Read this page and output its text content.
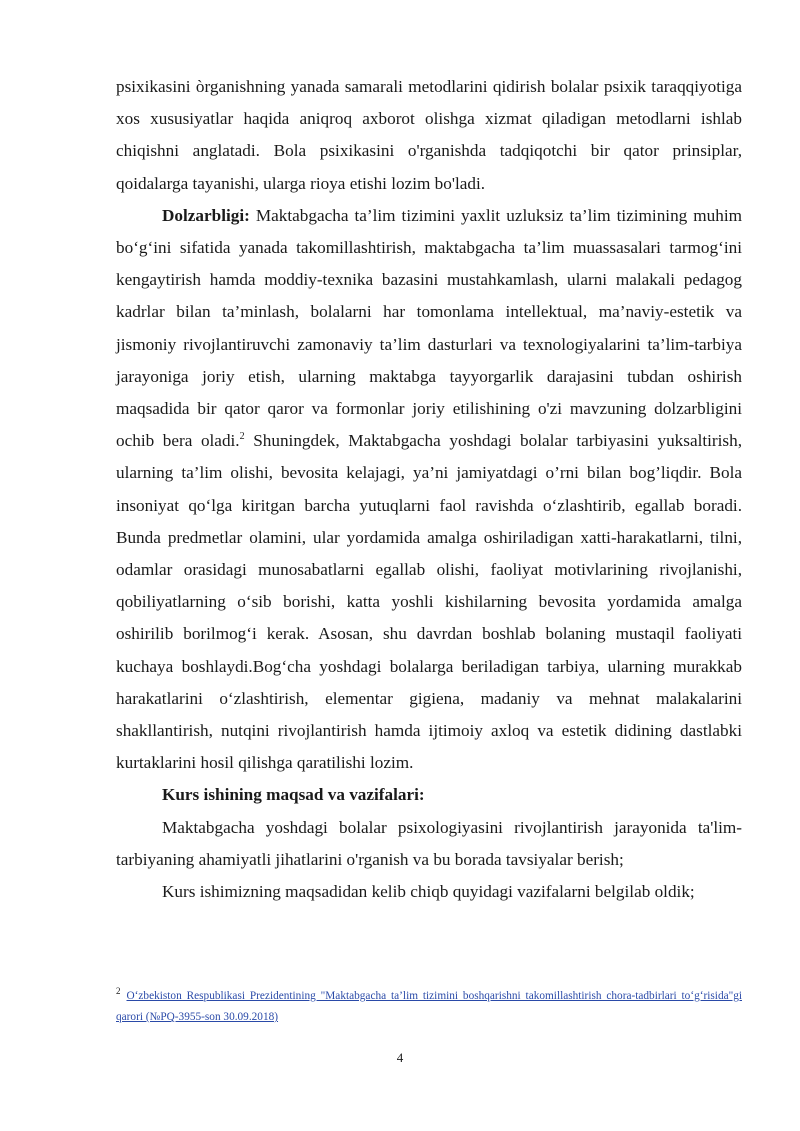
psixikasini òrganishning yanada samarali metodlarini qidirish bolalar psixik taraqqiyotiga xos xususiyatlar haqida aniqroq axborot olishga xizmat qiladigan metodlarni ishlab chiqishni anglatadi. Bola psixikasini o'rganishda tadqiqotchi bir qator prinsiplar, qoidalarga tayanishi, ularga rioya etishi lozim bo'ladi.

Dolzarbligi: Maktabgacha ta’lim tizimini yaxlit uzluksiz ta’lim tizimining muhim bo‘g‘ini sifatida yanada takomillashtirish, maktabgacha ta’lim muassasalari tarmog‘ini kengaytirish hamda moddiy-texnika bazasini mustahkamlash, ularni malakali pedagog kadrlar bilan ta’minlash, bolalarni har tomonlama intellektual, ma’naviy-estetik va jismoniy rivojlantiruvchi zamonaviy ta’lim dasturlari va texnologiyalarini ta’lim-tarbiya jarayoniga joriy etish, ularning maktabga tayyorgarlik darajasini tubdan oshirish maqsadida bir qator qaror va formonlar joriy etilishining o'zi mavzuning dolzarbligini ochib bera oladi.$^2$ Shuningdek, Maktabgacha yoshdagi bolalar tarbiyasini yuksaltirish, ularning ta’lim olishi, bevosita kelajagi, ya’ni jamiyatdagi o’rni bilan bog’liqdir. Bola insoniyat qo‘lga kiritgan barcha yutuqlarni faol ravishda o‘zlashtirib, egallab boradi. Bunda predmetlar olamini, ular yordamida amalga oshiriladigan xatti-harakatlarni, tilni, odamlar orasidagi munosabatlarni egallab olishi, faoliyat motivlarining rivojlanishi, qobiliyatlarning o‘sib borishi, katta yoshli kishilarning bevosita yordamida amalga oshirilib borilmog‘i kerak. Asosan, shu davrdan boshlab bolaning mustaqil faoliyati kuchaya boshlaydi.Bog‘cha yoshdagi bolalarga beriladigan tarbiya, ularning murakkab harakatlarini o‘zlashtirish, elementar gigiena, madaniy va mehnat malakalarini shakllantirish, nutqini rivojlantirish hamda ijtimoiy axloq va estetik didining dastlabki kurtaklarini hosil qilishga qaratilishi lozim.

Kurs ishining maqsad va vazifalari:

Maktabgacha yoshdagi bolalar psixologiyasini rivojlantirish jarayonida ta'lim-tarbiyaning ahamiyatli jihatlarini o'rganish va bu borada tavsiyalar berish;

Kurs ishimizning maqsadidan kelib chiqb quyidagi vazifalarni belgilab oldik;

$^2$ O‘zbekiston Respublikasi Prezidentining "Maktabgacha ta’lim tizimini boshqarishni takomillashtirish chora-tadbirlari to‘g‘risida"gi qarori (№PQ-3955-son 30.09.2018)
4
